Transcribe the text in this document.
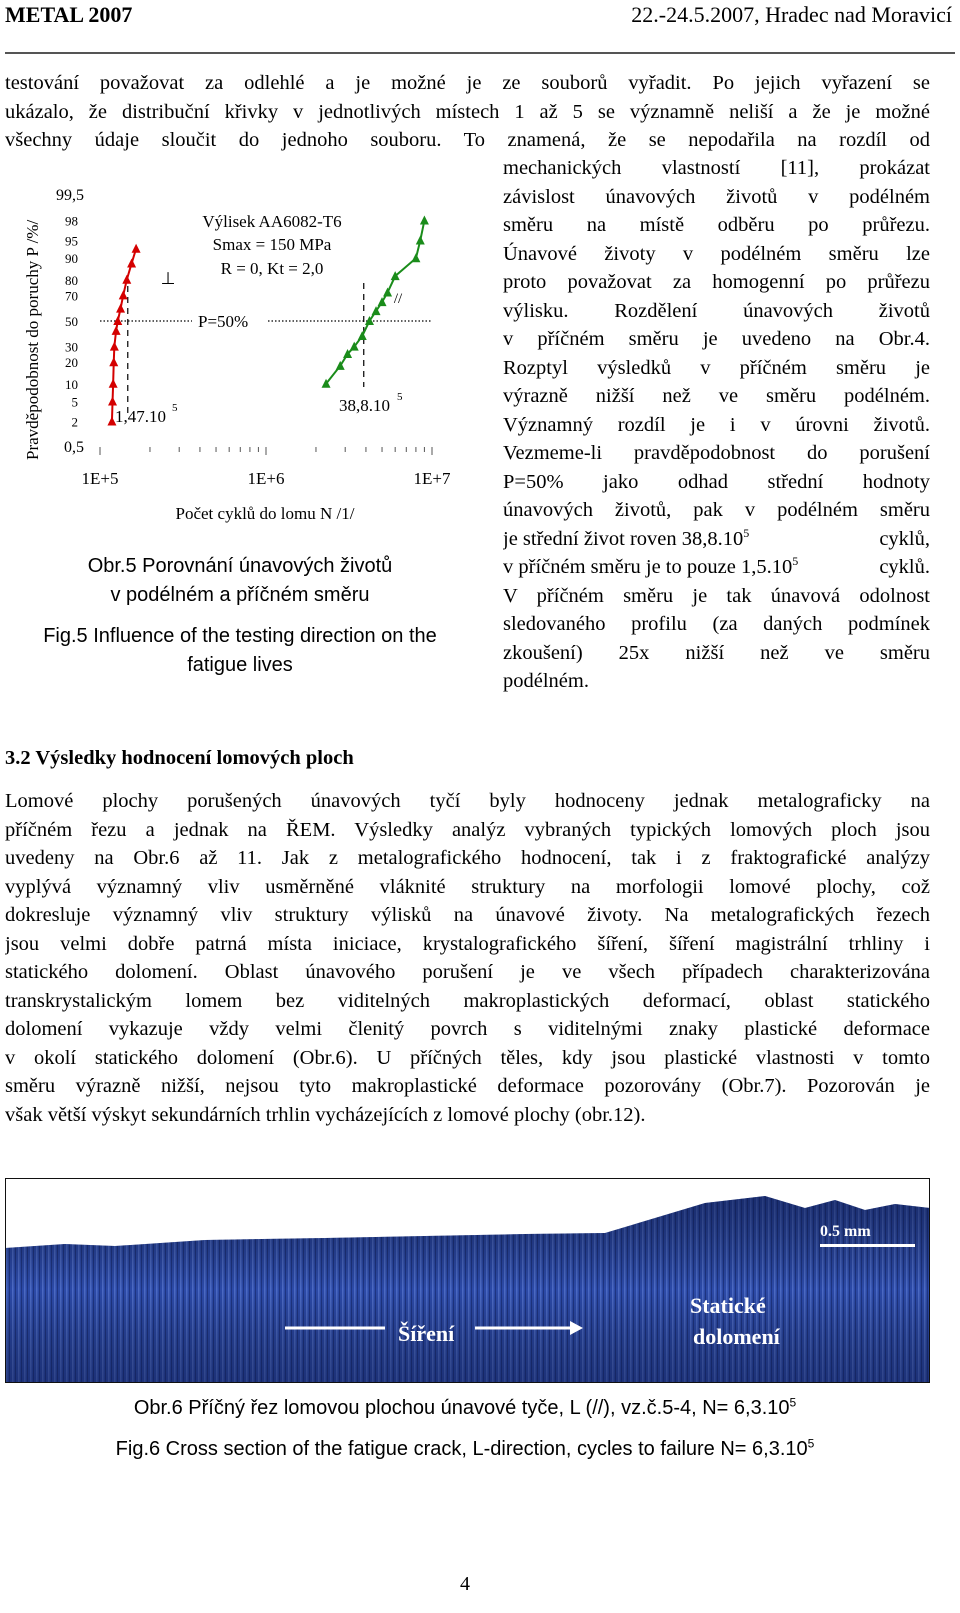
METAL 2007	22.-24.5.2007, Hradec nad Moravicí
testování považovat za odlehlé a je možné je ze souborů vyřadit. Po jejich vyřazení se
ukázalo, že distribuční křivky v jednotlivých místech 1 až 5 se významně neliší a že je možné
všechny údaje sloučit do jednoho souboru. To znamená, že se nepodařila na rozdíl od
mechanických vlastností [11], prokázat
závislost únavových životů v podélném
směru na místě odběru po průřezu.
Únavové životy v podélném směru lze
proto považovat za homogenní po průřezu
výlisku. Rozdělení únavových životů
v příčném směru je uvedeno na Obr.4.
Rozptyl výsledků v příčném směru je
výrazně nižší než ve směru podélném.
Významný rozdíl je i v úrovni životů.
Vezmeme-li pravděpodobnost do porušení
P=50% jako odhad střední hodnoty
únavových životů, pak v podélném směru
je střední život roven 38,8.10$^5$	cyklů,
v příčném směru je to pouze 1,5.10$^5$	cyklů.
V příčném směru je tak únavová odolnost
sledovaného profilu (za daných podmínek
zkoušení) 25x nižší než ve směru
podélném.
Pravděpodobnost do poruchy P /%/
99,5
98
95
90
80
70
50
30
20
10
5
2
0,5
1E+5	1E+6	1E+7
Počet cyklů do lomu N /1/
P=50%
Výlisek AA6082-T6
Smax = 150 MPa
R = 0, Kt = 2,0
⊥
//
1,47.10 5	38,8.10 5
Obr.5 Porovnání únavových životů
v podélném a příčném směru
Fig.5 Influence of the testing direction on the
fatigue lives
3.2 Výsledky hodnocení lomových ploch
Lomové plochy porušených únavových tyčí byly hodnoceny jednak metalograficky na
příčném řezu a jednak na ŘEM. Výsledky analýz vybraných typických lomových ploch jsou
uvedeny na Obr.6 až 11. Jak z metalografického hodnocení, tak i z fraktografické analýzy
vyplývá významný vliv usměrněné vláknité struktury na morfologii lomové plochy, což
dokresluje významný vliv struktury výlisků na únavové životy. Na metalografických řezech
jsou velmi dobře patrná místa iniciace, krystalografického šíření, šíření magistrální trhliny i
statického dolomení. Oblast únavového porušení je ve všech případech charakterizována
transkrystalickým lomem bez viditelných makroplastických deformací, oblast statického
dolomení vykazuje vždy velmi členitý povrch s viditelnými znaky plastické deformace
v okolí statického dolomení (Obr.6). U příčných těles, kdy jsou plastické vlastnosti v tomto
směru výrazně nižší, nejsou tyto makroplastické deformace pozorovány (Obr.7). Pozorován je
však větší výskyt sekundárních trhlin vycházejících z lomové plochy (obr.12).
Iniciace
0.5 mm
Šíření
Statické
dolomení
Obr.6 Příčný řez lomovou plochou únavové tyče, L (//), vz.č.5-4, $N= 6,3.10^5$
Fig.6 Cross section of the fatigue crack, L-direction, cycles to failure $N= 6,3.10^5$
4
